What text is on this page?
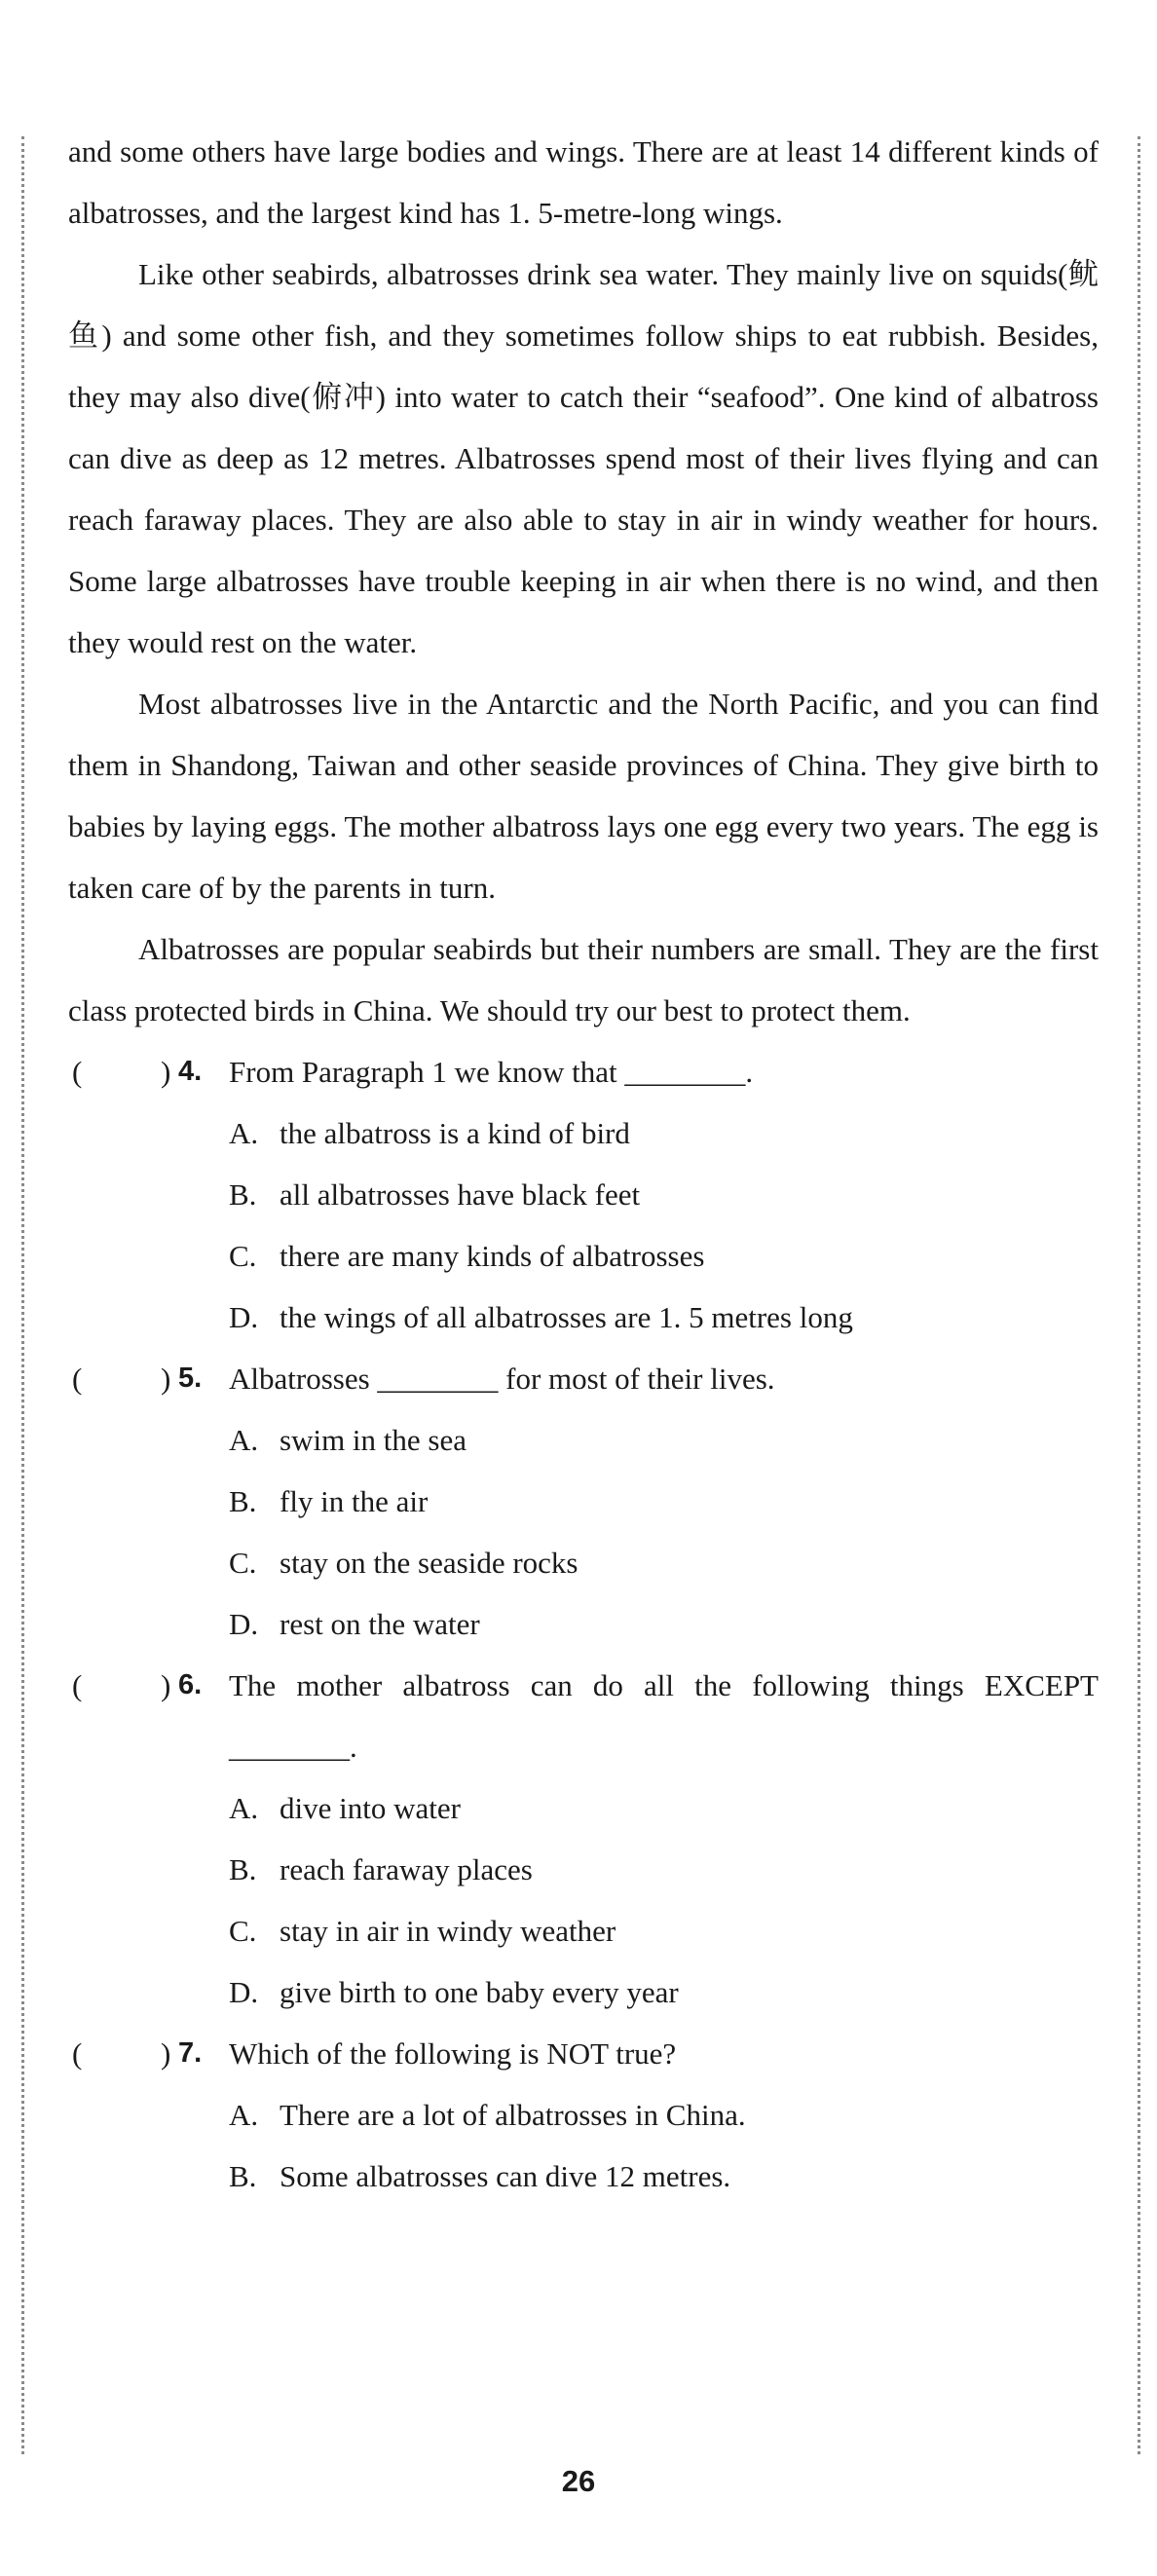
and some others have large bodies and wings. There are at least 14 different kinds of albatrosses, and the largest kind has 1. 5-metre-long wings.

Like other seabirds, albatrosses drink sea water. They mainly live on squids(鱿鱼) and some other fish, and they sometimes follow ships to eat rubbish. Besides, they may also dive(俯冲) into water to catch their “seafood”. One kind of albatross can dive as deep as 12 metres. Albatrosses spend most of their lives flying and can reach faraway places. They are also able to stay in air in windy weather for hours. Some large albatrosses have trouble keeping in air when there is no wind, and then they would rest on the water.

Most albatrosses live in the Antarctic and the North Pacific, and you can find them in Shandong, Taiwan and other seaside provinces of China. They give birth to babies by laying eggs. The mother albatross lays one egg every two years. The egg is taken care of by the parents in turn.

Albatrosses are popular seabirds but their numbers are small. They are the first class protected birds in China. We should try our best to protect them.

(	) 4. From Paragraph 1 we know that ________.
A. the albatross is a kind of bird
B. all albatrosses have black feet
C. there are many kinds of albatrosses
D. the wings of all albatrosses are 1. 5 metres long
(	) 5. Albatrosses ________ for most of their lives.
A. swim in the sea
B. fly in the air
C. stay on the seaside rocks
D. rest on the water
(	) 6. The mother albatross can do all the following things EXCEPT ________.
A. dive into water
B. reach faraway places
C. stay in air in windy weather
D. give birth to one baby every year
(	) 7. Which of the following is NOT true?
A. There are a lot of albatrosses in China.
B. Some albatrosses can dive 12 metres.
26
